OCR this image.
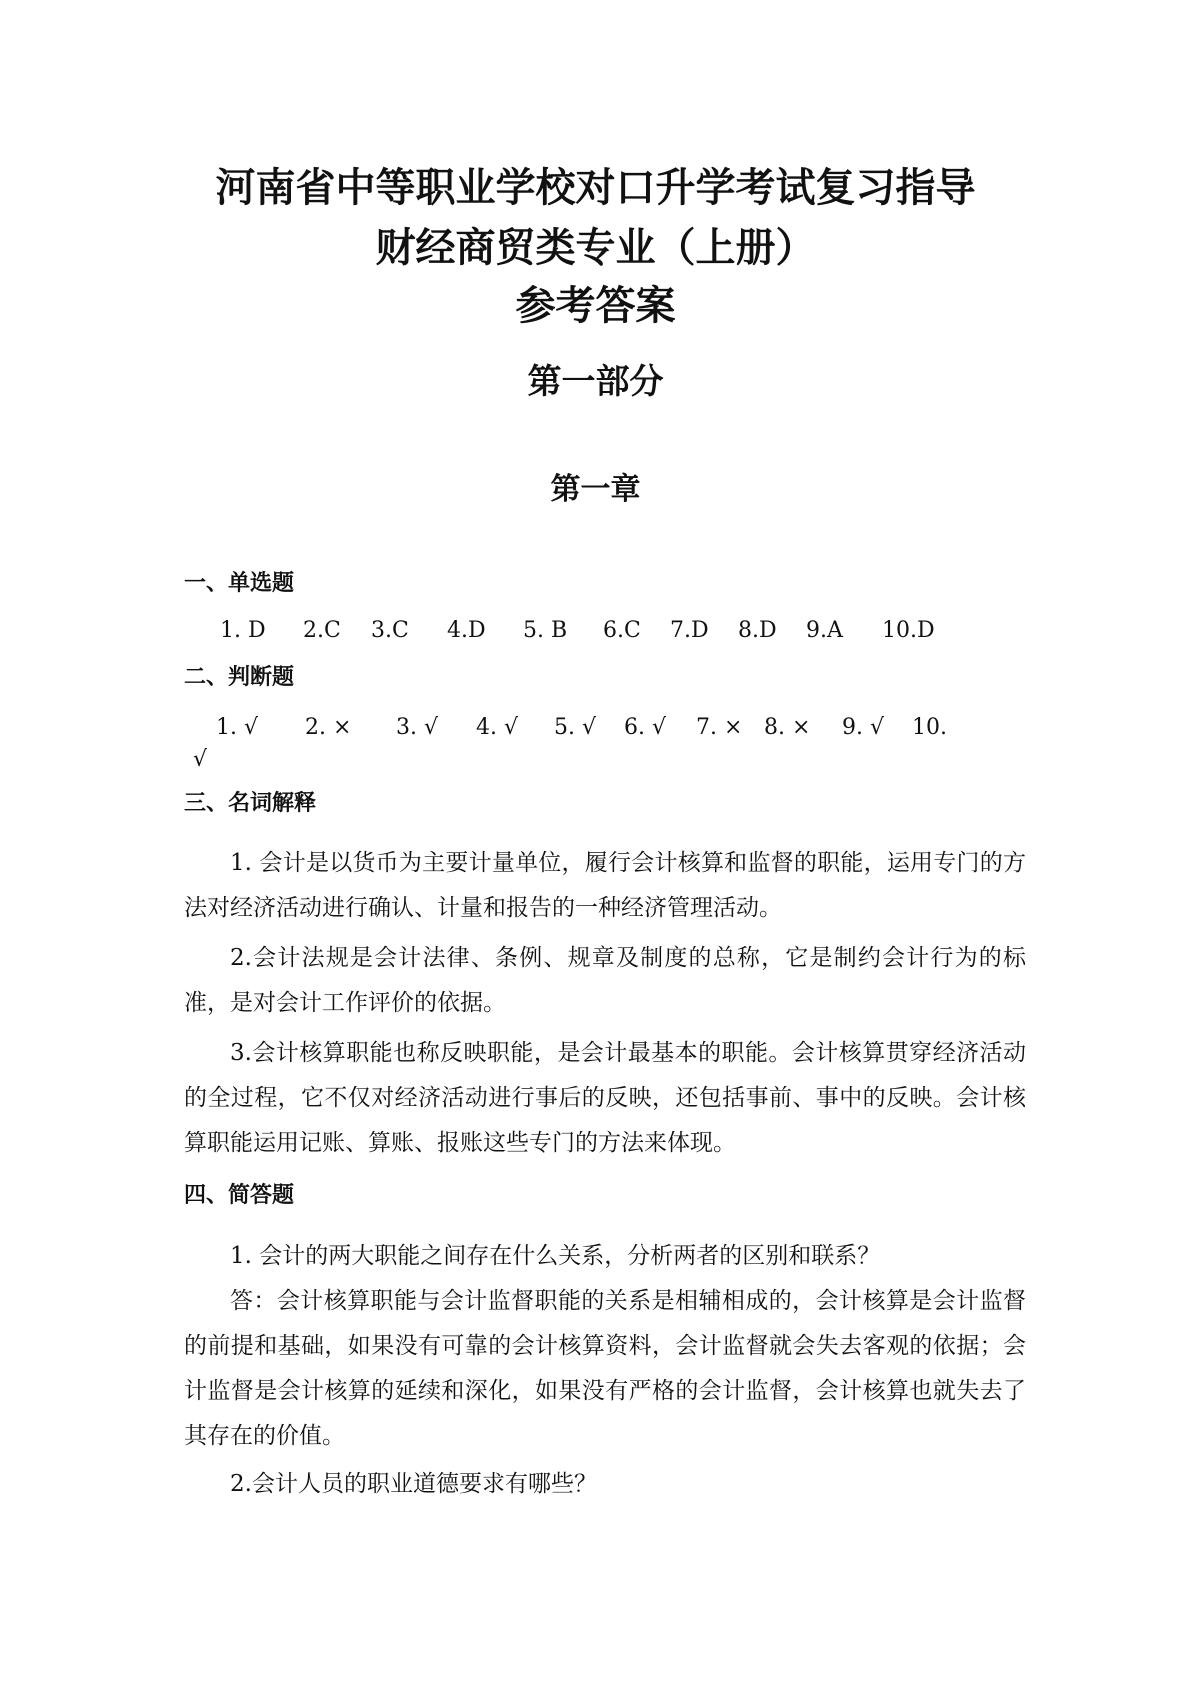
河南省中等职业学校对口升学考试复习指导
财经商贸类专业（上册）
参考答案
第一部分
第一章
一、单选题
1. D 2.C 3.C 4.D 5. B 6.C 7.D 8.D 9.A 10.D
二、判断题
1. √ 2. × 3. √ 4. √ 5. √ 6. √ 7. × 8. × 9. √ 10.
√
三、名词解释

1. 会计是以货币为主要计量单位，履行会计核算和监督的职能，运用专门的方法对经济活动进行确认、计量和报告的一种经济管理活动。

2.会计法规是会计法律、条例、规章及制度的总称，它是制约会计行为的标准，是对会计工作评价的依据。

3.会计核算职能也称反映职能，是会计最基本的职能。会计核算贯穿经济活动的全过程，它不仅对经济活动进行事后的反映，还包括事前、事中的反映。会计核算职能运用记账、算账、报账这些专门的方法来体现。

四、简答题

1. 会计的两大职能之间存在什么关系，分析两者的区别和联系？

答：会计核算职能与会计监督职能的关系是相辅相成的，会计核算是会计监督的前提和基础，如果没有可靠的会计核算资料，会计监督就会失去客观的依据；会计监督是会计核算的延续和深化，如果没有严格的会计监督，会计核算也就失去了其存在的价值。

2.会计人员的职业道德要求有哪些？
